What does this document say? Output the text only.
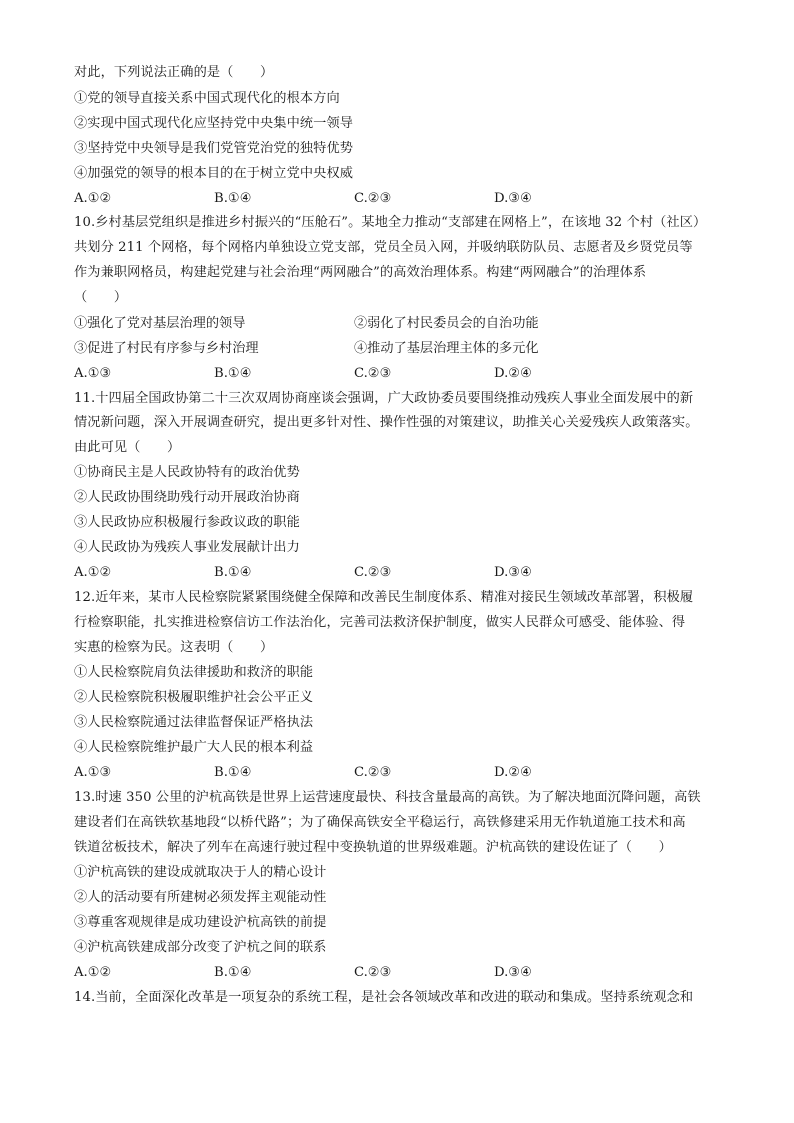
对此，下列说法正确的是（　　）
①党的领导直接关系中国式现代化的根本方向
②实现中国式现代化应坚持党中央集中统一领导
③坚持党中央领导是我们党管党治党的独特优势
④加强党的领导的根本目的在于树立党中央权威
A.①②	B.①④	C.②③	D.③④
10.乡村基层党组织是推进乡村振兴的“压舱石”。某地全力推动“支部建在网格上”，在该地 32 个村（社区）
共划分 211 个网格，每个网格内单独设立党支部，党员全员入网，并吸纳联防队员、志愿者及乡贤党员等
作为兼职网格员，构建起党建与社会治理“两网融合”的高效治理体系。构建“两网融合”的治理体系
（　　）
①强化了党对基层治理的领导	②弱化了村民委员会的自治功能
③促进了村民有序参与乡村治理	④推动了基层治理主体的多元化
A.①③	B.①④	C.②③	D.②④
11.十四届全国政协第二十三次双周协商座谈会强调，广大政协委员要围绕推动残疾人事业全面发展中的新
情况新问题，深入开展调查研究，提出更多针对性、操作性强的对策建议，助推关心关爱残疾人政策落实。
由此可见（　　）
①协商民主是人民政协特有的政治优势
②人民政协围绕助残行动开展政治协商
③人民政协应积极履行参政议政的职能
④人民政协为残疾人事业发展献计出力
A.①②	B.①④	C.②③	D.③④
12.近年来，某市人民检察院紧紧围绕健全保障和改善民生制度体系、精准对接民生领域改革部署，积极履
行检察职能，扎实推进检察信访工作法治化，完善司法救济保护制度，做实人民群众可感受、能体验、得
实惠的检察为民。这表明（　　）
①人民检察院肩负法律援助和救济的职能
②人民检察院积极履职维护社会公平正义
③人民检察院通过法律监督保证严格执法
④人民检察院维护最广大人民的根本利益
A.①③	B.①④	C.②③	D.②④
13.时速 350 公里的沪杭高铁是世界上运营速度最快、科技含量最高的高铁。为了解决地面沉降问题，高铁
建设者们在高铁软基地段“以桥代路”；为了确保高铁安全平稳运行，高铁修建采用无作轨道施工技术和高
铁道岔板技术，解决了列车在高速行驶过程中变换轨道的世界级难题。沪杭高铁的建设佐证了（　　）
①沪杭高铁的建设成就取决于人的精心设计
②人的活动要有所建树必须发挥主观能动性
③尊重客观规律是成功建设沪杭高铁的前提
④沪杭高铁建成部分改变了沪杭之间的联系
A.①②	B.①④	C.②③	D.③④
14.当前，全面深化改革是一项复杂的系统工程，是社会各领域改革和改进的联动和集成。坚持系统观念和
